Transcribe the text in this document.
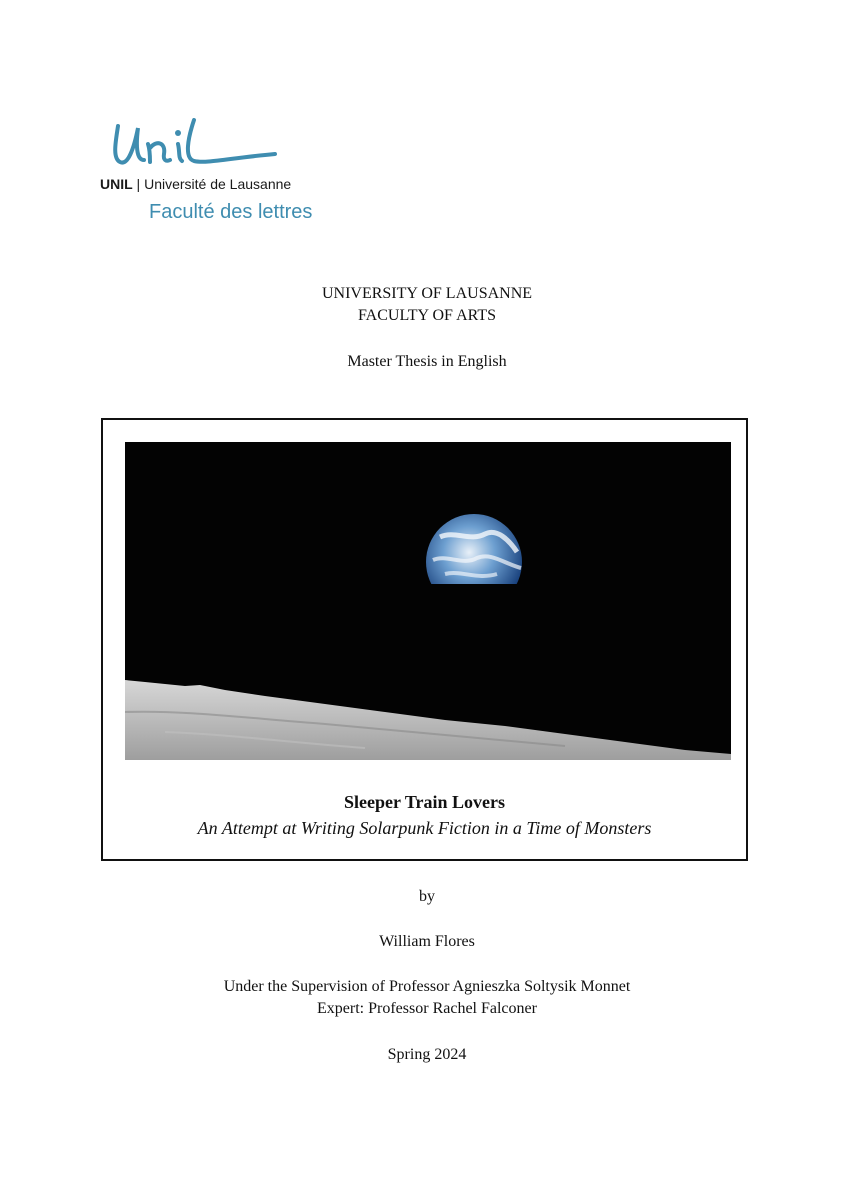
UNIL | Université de Lausanne
Faculté des lettres
UNIVERSITY OF LAUSANNE
FACULTY OF ARTS
Master Thesis in English
Sleeper Train Lovers
An Attempt at Writing Solarpunk Fiction in a Time of Monsters
by
William Flores
Under the Supervision of Professor Agnieszka Soltysik Monnet
Expert: Professor Rachel Falconer
Spring 2024
